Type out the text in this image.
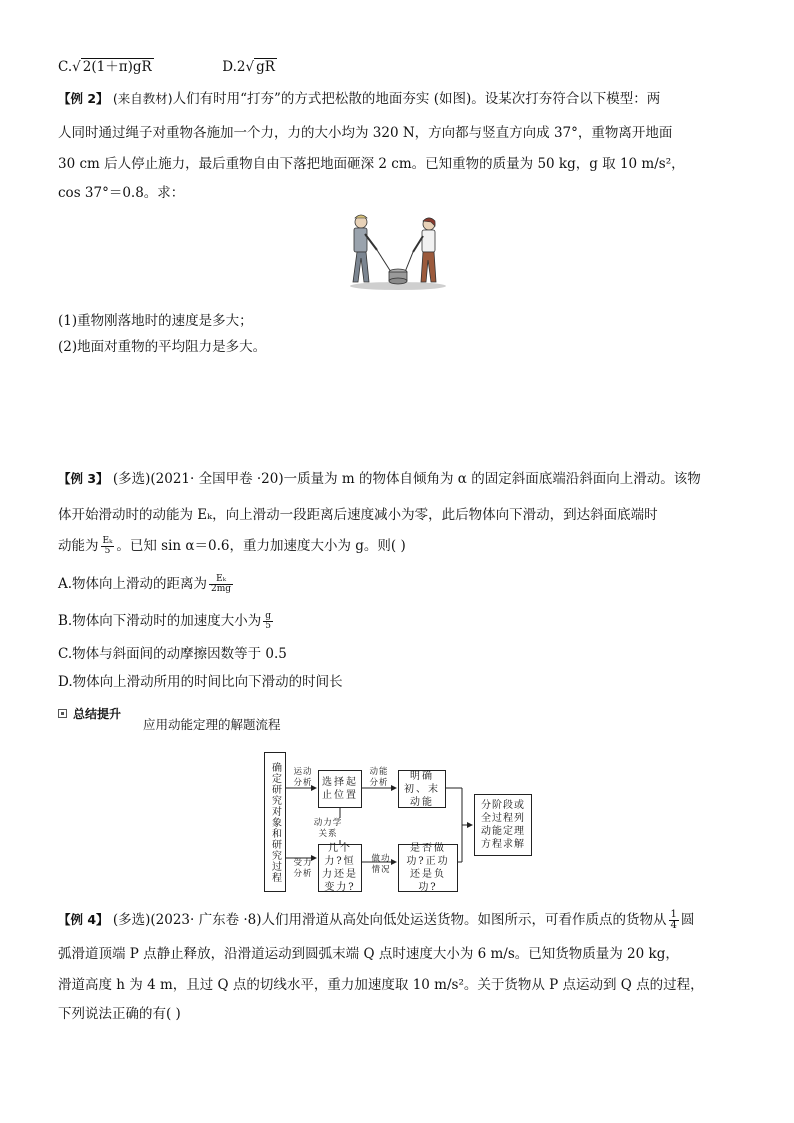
C.√ 2(1＋π)gR	D.2√ gR
【例 2】 (来自教材)人们有时用“打夯”的方式把松散的地面夯实 (如图)。设某次打夯符合以下模型：两
人同时通过绳子对重物各施加一个力，力的大小均为 320 N，方向都与竖直方向成 37°，重物离开地面
30 cm 后人停止施力，最后重物自由下落把地面砸深 2 cm。已知重物的质量为 50 kg，g 取 10 m/s²，
cos 37°＝0.8。求：
(1)重物刚落地时的速度是多大；
(2)地面对重物的平均阻力是多大。
【例 3】 (多选)(2021· 全国甲卷 ·20)一质量为 m 的物体自倾角为 α 的固定斜面底端沿斜面向上滑动。该物
体开始滑动时的动能为 Eₖ，向上滑动一段距离后速度减小为零，此后物体向下滑动，到达斜面底端时
动能为 $\frac{\text{Eₖ}}{5}$ 。已知 sin α＝0.6，重力加速度大小为 g。则( )
A.物体向上滑动的距离为 $\frac{\text{Eₖ}}{2mg}$
B.物体向下滑动时的加速度大小为 $\frac{g}{5}$
C.物体与斜面间的动摩擦因数等于 0.5
D.物体向上滑动所用的时间比向下滑动的时间长
总结提升
应用动能定理的解题流程
确定研究对象和研究过程	运动
分析 选择起止位置
动能
分析
明确初、末动能
动力学
关系
受力
分析
几个力?恒力还是变力?
做功
情况
是否做功?正功还是负功?
分阶段或全过程列动能定理方程求解
【例 4】 (多选)(2023· 广东卷 ·8)人们用滑道从高处向低处运送货物。如图所示，可看作质点的货物从 $\frac{1}{4}$ 圆
弧滑道顶端 P 点静止释放，沿滑道运动到圆弧末端 Q 点时速度大小为 6 m/s。已知货物质量为 20 kg，
滑道高度 h 为 4 m，且过 Q 点的切线水平，重力加速度取 10 m/s²。关于货物从 P 点运动到 Q 点的过程，
下列说法正确的有( )
